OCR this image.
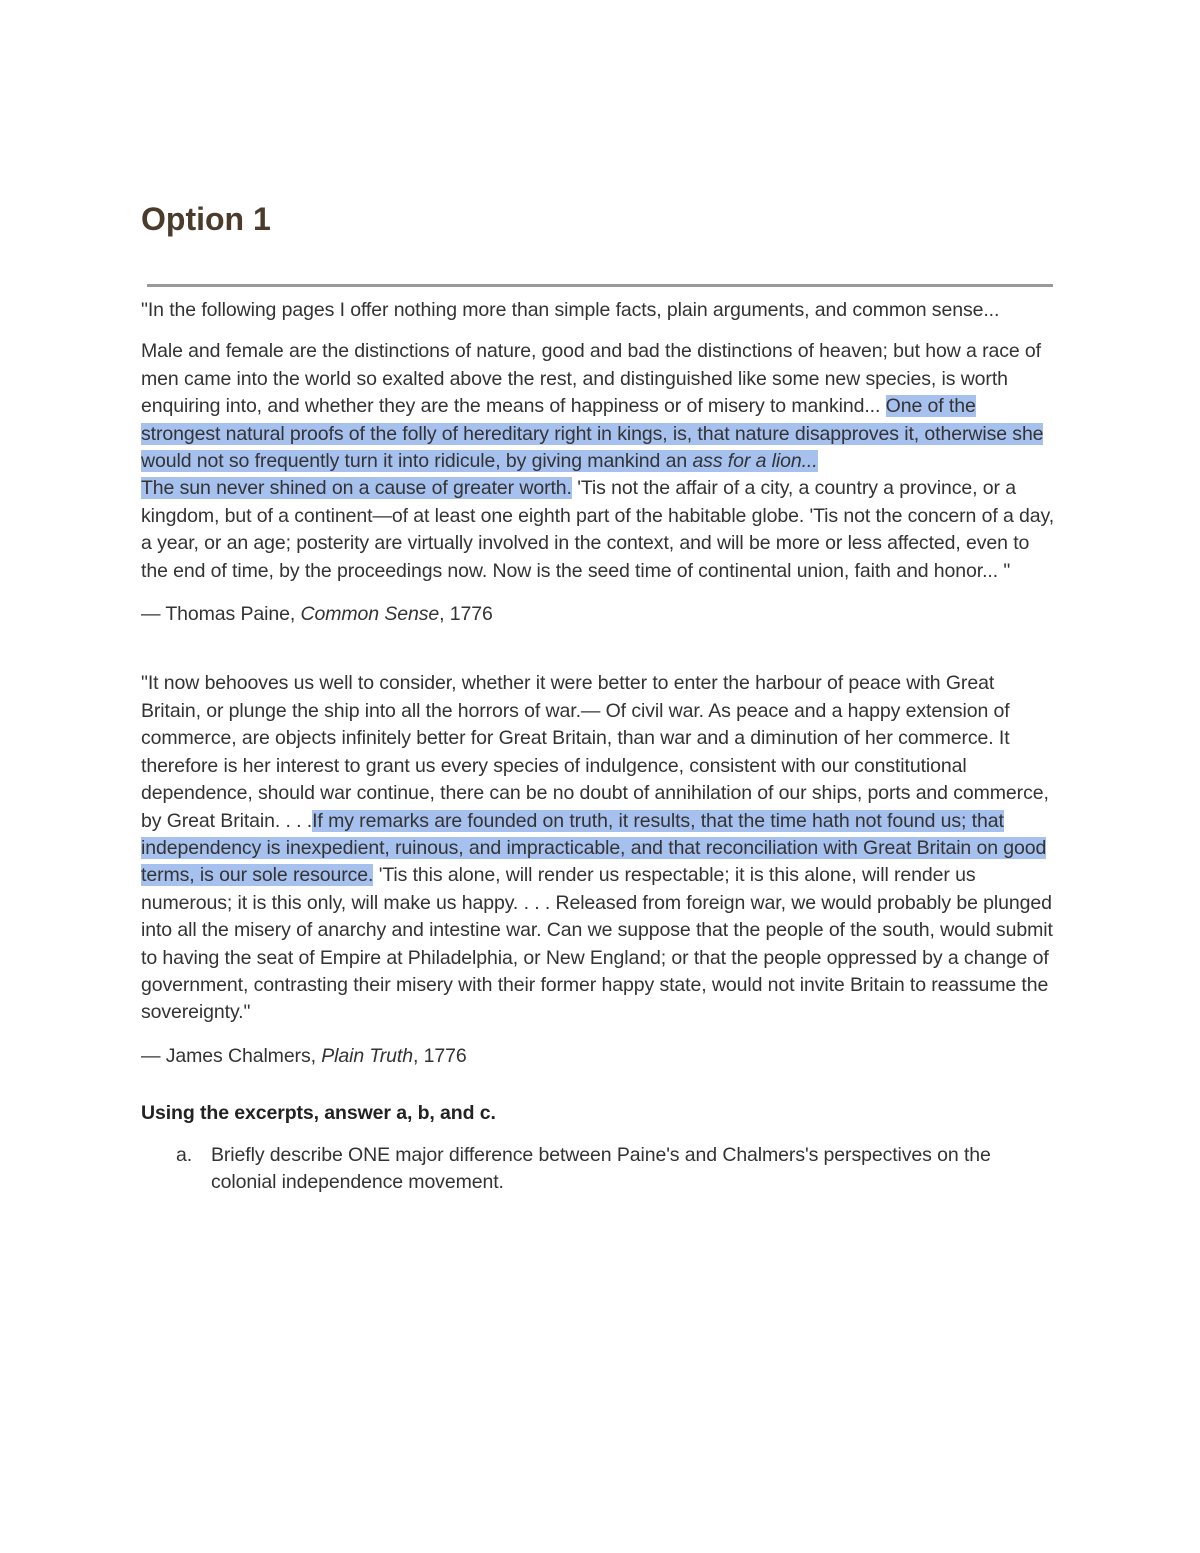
Option 1

"In the following pages I offer nothing more than simple facts, plain arguments, and common sense...

Male and female are the distinctions of nature, good and bad the distinctions of heaven; but how a race of men came into the world so exalted above the rest, and distinguished like some new species, is worth enquiring into, and whether they are the means of happiness or of misery to mankind... One of the strongest natural proofs of the folly of hereditary right in kings, is, that nature disapproves it, otherwise she would not so frequently turn it into ridicule, by giving mankind an ass for a lion...

The sun never shined on a cause of greater worth. 'Tis not the affair of a city, a country a province, or a kingdom, but of a continent—of at least one eighth part of the habitable globe. 'Tis not the concern of a day, a year, or an age; posterity are virtually involved in the context, and will be more or less affected, even to the end of time, by the proceedings now. Now is the seed time of continental union, faith and honor... "

— Thomas Paine, Common Sense, 1776

"It now behooves us well to consider, whether it were better to enter the harbour of peace with Great Britain, or plunge the ship into all the horrors of war.— Of civil war. As peace and a happy extension of commerce, are objects infinitely better for Great Britain, than war and a diminution of her commerce. It therefore is her interest to grant us every species of indulgence, consistent with our constitutional dependence, should war continue, there can be no doubt of annihilation of our ships, ports and commerce, by Great Britain. . . .If my remarks are founded on truth, it results, that the time hath not found us; that independency is inexpedient, ruinous, and impracticable, and that reconciliation with Great Britain on good terms, is our sole resource. 'Tis this alone, will render us respectable; it is this alone, will render us numerous; it is this only, will make us happy. . . . Released from foreign war, we would probably be plunged into all the misery of anarchy and intestine war. Can we suppose that the people of the south, would submit to having the seat of Empire at Philadelphia, or New England; or that the people oppressed by a change of government, contrasting their misery with their former happy state, would not invite Britain to reassume the sovereignty."

— James Chalmers, Plain Truth, 1776

Using the excerpts, answer a, b, and c.

a. Briefly describe ONE major difference between Paine's and Chalmers's perspectives on the colonial independence movement.
